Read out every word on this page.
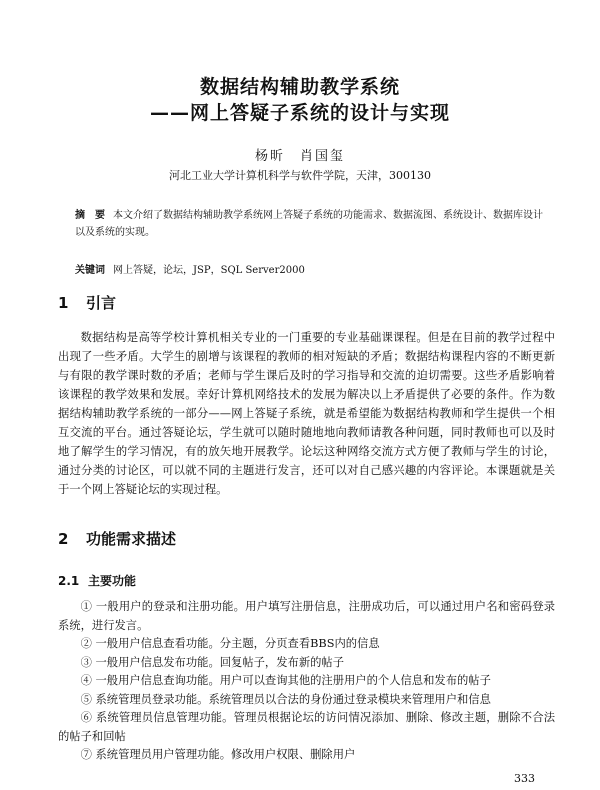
数据结构辅助教学系统
——网上答疑子系统的设计与实现
杨昕　肖国玺
河北工业大学计算机科学与软件学院，天津，300130
摘　要 本文介绍了数据结构辅助教学系统网上答疑子系统的功能需求、数据流图、系统设计、数据库设计以及系统的实现。
关键词 网上答疑，论坛，JSP，SQL Server2000
1 引言
数据结构是高等学校计算机相关专业的一门重要的专业基础课课程。但是在目前的教学过程中出现了一些矛盾。大学生的剧增与该课程的教师的相对短缺的矛盾；数据结构课程内容的不断更新与有限的教学课时数的矛盾；老师与学生课后及时的学习指导和交流的迫切需要。这些矛盾影响着该课程的教学效果和发展。幸好计算机网络技术的发展为解决以上矛盾提供了必要的条件。作为数据结构辅助教学系统的一部分——网上答疑子系统，就是希望能为数据结构教师和学生提供一个相互交流的平台。通过答疑论坛，学生就可以随时随地地向教师请教各种问题，同时教师也可以及时地了解学生的学习情况，有的放矢地开展教学。论坛这种网络交流方式方便了教师与学生的讨论，通过分类的讨论区，可以就不同的主题进行发言，还可以对自己感兴趣的内容评论。本课题就是关于一个网上答疑论坛的实现过程。
2 功能需求描述
2.1 主要功能
① 一般用户的登录和注册功能。用户填写注册信息，注册成功后，可以通过用户名和密码登录系统，进行发言。
② 一般用户信息查看功能。分主题，分页查看BBS内的信息
③ 一般用户信息发布功能。回复帖子，发布新的帖子
④ 一般用户信息查询功能。用户可以查询其他的注册用户的个人信息和发布的帖子
⑤ 系统管理员登录功能。系统管理员以合法的身份通过登录模块来管理用户和信息
⑥ 系统管理员信息管理功能。管理员根据论坛的访问情况添加、删除、修改主题，删除不合法的帖子和回帖
⑦ 系统管理员用户管理功能。修改用户权限、删除用户
333
